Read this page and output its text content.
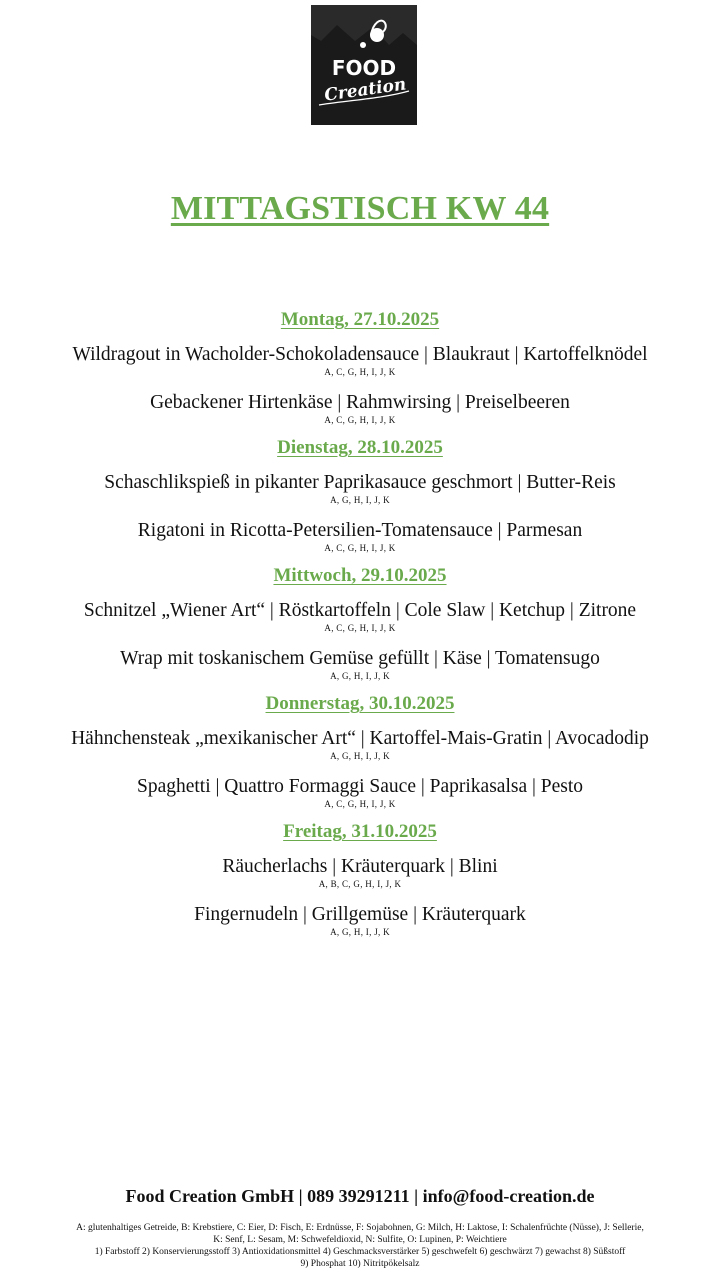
FOOD
Creation
MITTAGSTISCH KW 44
Montag, 27.10.2025
Wildragout in Wacholder-Schokoladensauce | Blaukraut | Kartoffelknödel
A, C, G, H, I, J, K
Gebackener Hirtenkäse | Rahmwirsing | Preiselbeeren
A, C, G, H, I, J, K
Dienstag, 28.10.2025
Schaschlikspieß in pikanter Paprikasauce geschmort | Butter-Reis
A, G, H, I, J, K
Rigatoni in Ricotta-Petersilien-Tomatensauce | Parmesan
A, C, G, H, I, J, K
Mittwoch, 29.10.2025
Schnitzel „Wiener Art“ | Röstkartoffeln | Cole Slaw | Ketchup | Zitrone
A, C, G, H, I, J, K
Wrap mit toskanischem Gemüse gefüllt | Käse | Tomatensugo
A, G, H, I, J, K
Donnerstag, 30.10.2025
Hähnchensteak „mexikanischer Art“ | Kartoffel-Mais-Gratin | Avocadodip
A, G, H, I, J, K
Spaghetti | Quattro Formaggi Sauce | Paprikasalsa | Pesto
A, C, G, H, I, J, K
Freitag, 31.10.2025
Räucherlachs | Kräuterquark | Blini
A, B, C, G, H, I, J, K
Fingernudeln | Grillgemüse | Kräuterquark
A, G, H, I, J, K
Food Creation GmbH | 089 39291211 | info@food-creation.de
A: glutenhaltiges Getreide, B: Krebstiere, C: Eier, D: Fisch, E: Erdnüsse, F: Sojabohnen, G: Milch, H: Laktose, I: Schalenfrüchte (Nüsse), J: Sellerie,
K: Senf, L: Sesam, M: Schwefeldioxid, N: Sulfite, O: Lupinen, P: Weichtiere
1) Farbstoff 2) Konservierungsstoff 3) Antioxidationsmittel 4) Geschmacksverstärker 5) geschwefelt 6) geschwärzt 7) gewachst 8) Süßstoff
9) Phosphat 10) Nitritpökelsalz
